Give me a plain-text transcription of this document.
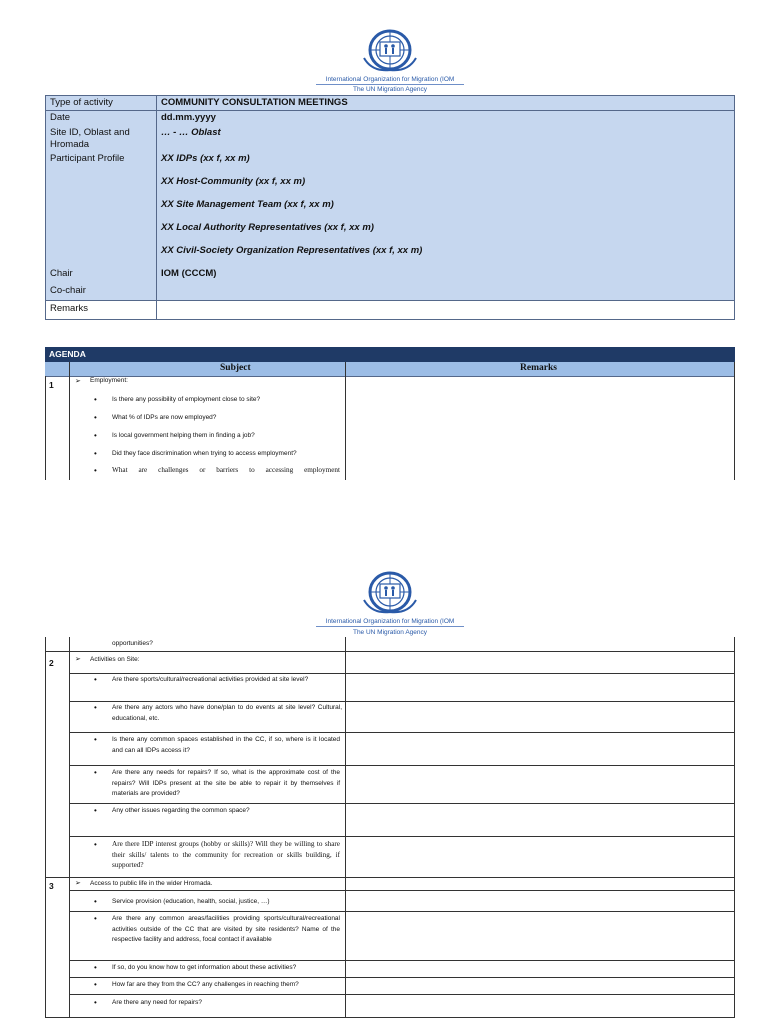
International Organization for Migration (IOM
The UN Migration Agency
Type of activity	COMMUNITY CONSULTATION MEETINGS
Date	dd.mm.yyyy
Site ID, Oblast and
Hromada
… - … Oblast
Participant Profile	XX IDPs (xx f, xx m)
XX Host-Community (xx f, xx m)
XX Site Management Team (xx f, xx m)
XX Local Authority Representatives (xx f, xx m)
XX Civil-Society Organization Representatives (xx f, xx m)
Chair	IOM (CCCM)
Co-chair
Remarks
AGENDA
Subject	Remarks
1	➢ Employment:
• Is there any possibility of employment close to site?
• What % of IDPs are now employed?
• Is local government helping them in finding a job?
• Did they face discrimination when trying to access employment?
• What are challenges or barriers to accessing employment
International Organization for Migration (IOM
The UN Migration Agency
opportunities?
2	➢ Activities on Site:
• Are there sports/cultural/recreational activities provided at site level?
• Are there any actors who have done/plan to do events at site level? Cultural, educational, etc.
• Is there any common spaces established in the CC, if so, where is it located and can all IDPs access it?
• Are there any needs for repairs? If so, what is the approximate cost of the repairs? Will IDPs present at the site be able to repair it by themselves if materials are provided?
• Any other issues regarding the common space?
• Are there IDP interest groups (hobby or skills)? Will they be willing to share their skills/ talents to the community for recreation or skills building, if supported?
3	➢ Access to public life in the wider Hromada.
• Service provision (education, health, social, justice, …)
• Are there any common areas/facilities providing sports/cultural/recreational activities outside of the CC that are visited by site residents? Name of the respective facility and address, focal contact if available
• If so, do you know how to get information about these activities?
• How far are they from the CC? any challenges in reaching them?
• Are there any need for repairs?
